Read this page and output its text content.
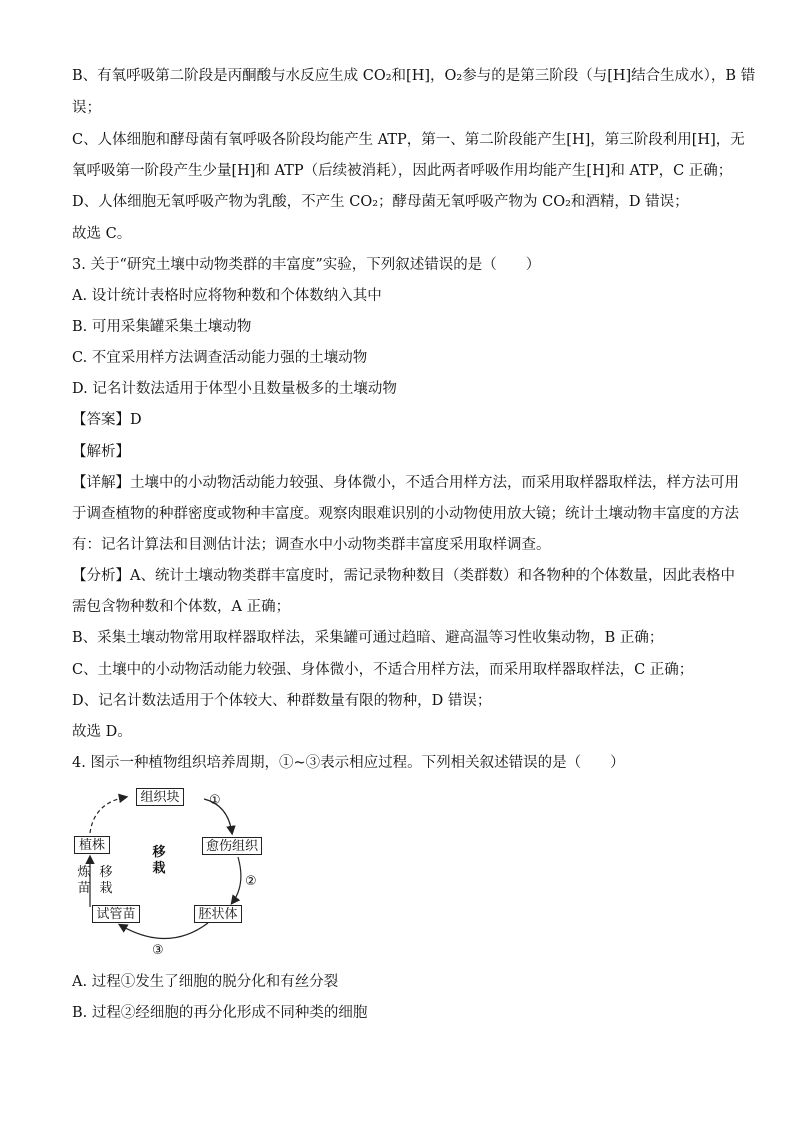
B、有氧呼吸第二阶段是丙酮酸与水反应生成 CO₂和[H]，O₂参与的是第三阶段（与[H]结合生成水），B 错
误；
C、人体细胞和酵母菌有氧呼吸各阶段均能产生 ATP，第一、第二阶段能产生[H]，第三阶段利用[H]，无
氧呼吸第一阶段产生少量[H]和 ATP（后续被消耗），因此两者呼吸作用均能产生[H]和 ATP，C 正确；
D、人体细胞无氧呼吸产物为乳酸，不产生 CO₂；酵母菌无氧呼吸产物为 CO₂和酒精，D 错误；
故选 C。
3. 关于“研究土壤中动物类群的丰富度”实验，下列叙述错误的是（　　）
A. 设计统计表格时应将物种数和个体数纳入其中
B. 可用采集罐采集土壤动物
C. 不宜采用样方法调查活动能力强的土壤动物
D. 记名计数法适用于体型小且数量极多的土壤动物
【答案】D
【解析】
【详解】土壤中的小动物活动能力较强、身体微小，不适合用样方法，而采用取样器取样法，样方法可用
于调查植物的种群密度或物种丰富度。观察肉眼难识别的小动物使用放大镜；统计土壤动物丰富度的方法
有：记名计算法和目测估计法；调查水中小动物类群丰富度采用取样调查。
【分析】A、统计土壤动物类群丰富度时，需记录物种数目（类群数）和各物种的个体数量，因此表格中
需包含物种数和个体数，A 正确；
B、采集土壤动物常用取样器取样法，采集罐可通过趋暗、避高温等习性收集动物，B 正确；
C、土壤中的小动物活动能力较强、身体微小，不适合用样方法，而采用取样器取样法，C 正确；
D、记名计数法适用于个体较大、种群数量有限的物种，D 错误；
故选 D。
4. 图示一种植物组织培养周期，①~③表示相应过程。下列相关叙述错误的是（　　）
组织块
愈伤组织
胚状体
试管苗
植株
①
②
③
移栽
炼苗
移栽
A. 过程①发生了细胞的脱分化和有丝分裂
B. 过程②经细胞的再分化形成不同种类的细胞
